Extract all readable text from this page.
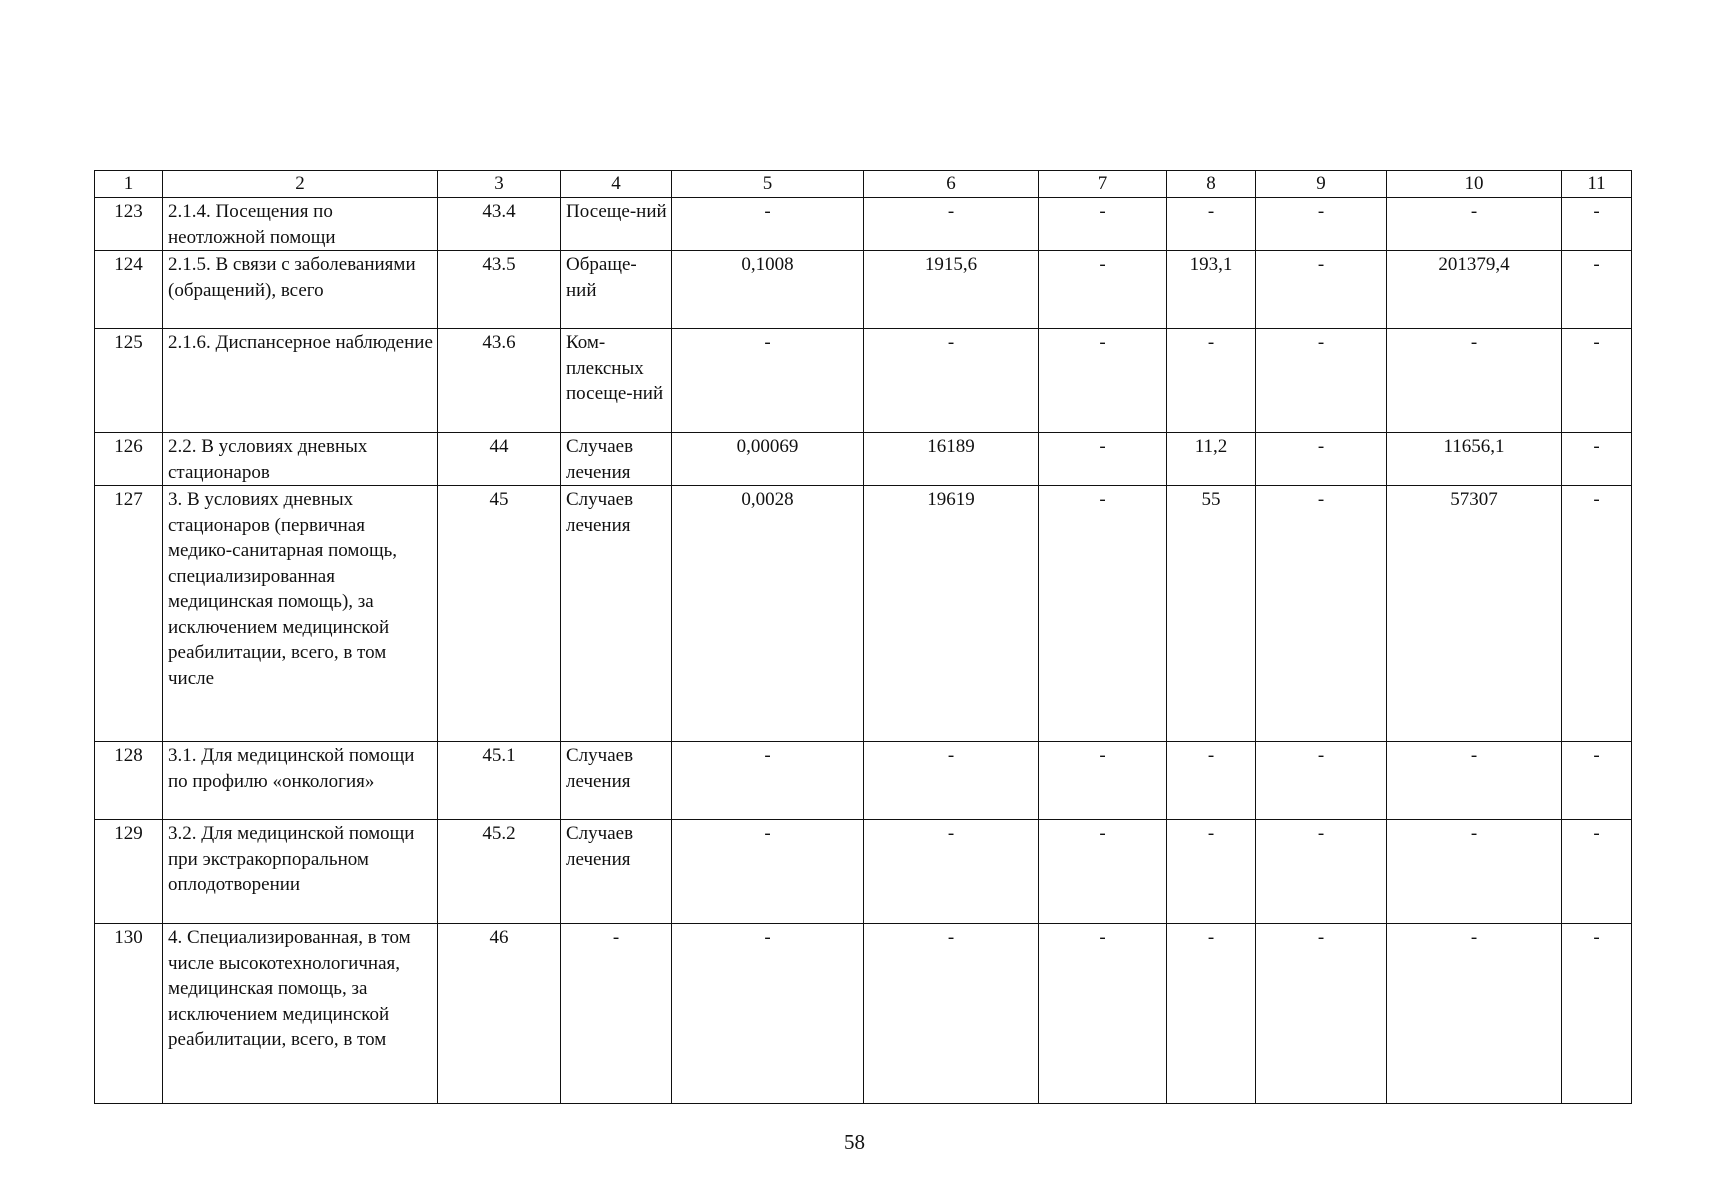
1	2	3	4	5	6	7	8	9	10	11
123	2.1.4. Посещения по неотложной помощи	43.4	Посеще-ний	-	-	-	-	-	-	-
124	2.1.5. В связи с заболеваниями (обращений), всего	43.5	Обраще-ний	0,1008	1915,6	-	193,1	-	201379,4	-
125	2.1.6. Диспансерное наблюдение	43.6	Ком-плексных посеще-ний	-	-	-	-	-	-	-
126	2.2. В условиях дневных стационаров	44	Случаев лечения	0,00069	16189	-	11,2	-	11656,1	-
127	3. В условиях дневных стационаров (первичная медико-санитарная помощь, специализированная медицинская помощь), за исключением медицинской реабилитации, всего, в том числе	45	Случаев лечения	0,0028	19619	-	55	-	57307	-
128	3.1. Для медицинской помощи по профилю «онкология»	45.1	Случаев лечения	-	-	-	-	-	-	-
129	3.2. Для медицинской помощи при экстракорпоральном оплодотворении	45.2	Случаев лечения	-	-	-	-	-	-	-
130	4. Специализированная, в том числе высокотехнологичная, медицинская помощь, за исключением медицинской реабилитации, всего, в том	46	-	-	-	-	-	-	-	-
58
